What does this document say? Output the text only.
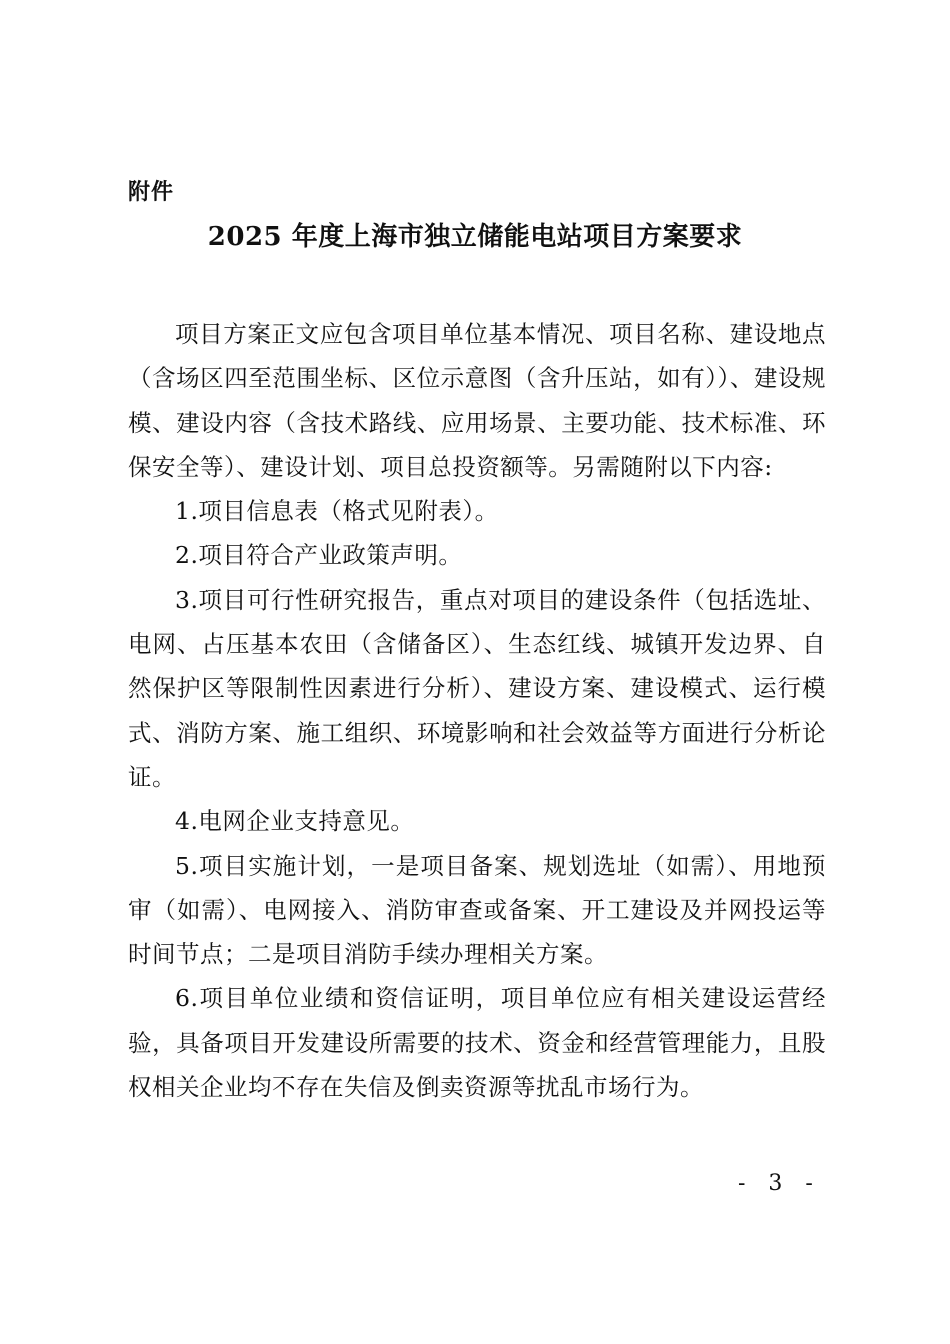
附件
2025 年度上海市独立储能电站项目方案要求

项目方案正文应包含项目单位基本情况、项目名称、建设地点（含场区四至范围坐标、区位示意图（含升压站，如有））、建设规模、建设内容（含技术路线、应用场景、主要功能、技术标准、环保安全等）、建设计划、项目总投资额等。另需随附以下内容:

1.项目信息表（格式见附表）。

2.项目符合产业政策声明。

3.项目可行性研究报告，重点对项目的建设条件（包括选址、电网、占压基本农田（含储备区）、生态红线、城镇开发边界、自然保护区等限制性因素进行分析）、建设方案、建设模式、运行模式、消防方案、施工组织、环境影响和社会效益等方面进行分析论证。

4.电网企业支持意见。

5.项目实施计划，一是项目备案、规划选址（如需）、用地预审（如需）、电网接入、消防审查或备案、开工建设及并网投运等时间节点；二是项目消防手续办理相关方案。

6.项目单位业绩和资信证明，项目单位应有相关建设运营经验，具备项目开发建设所需要的技术、资金和经营管理能力，且股权相关企业均不存在失信及倒卖资源等扰乱市场行为。

- 3 -
